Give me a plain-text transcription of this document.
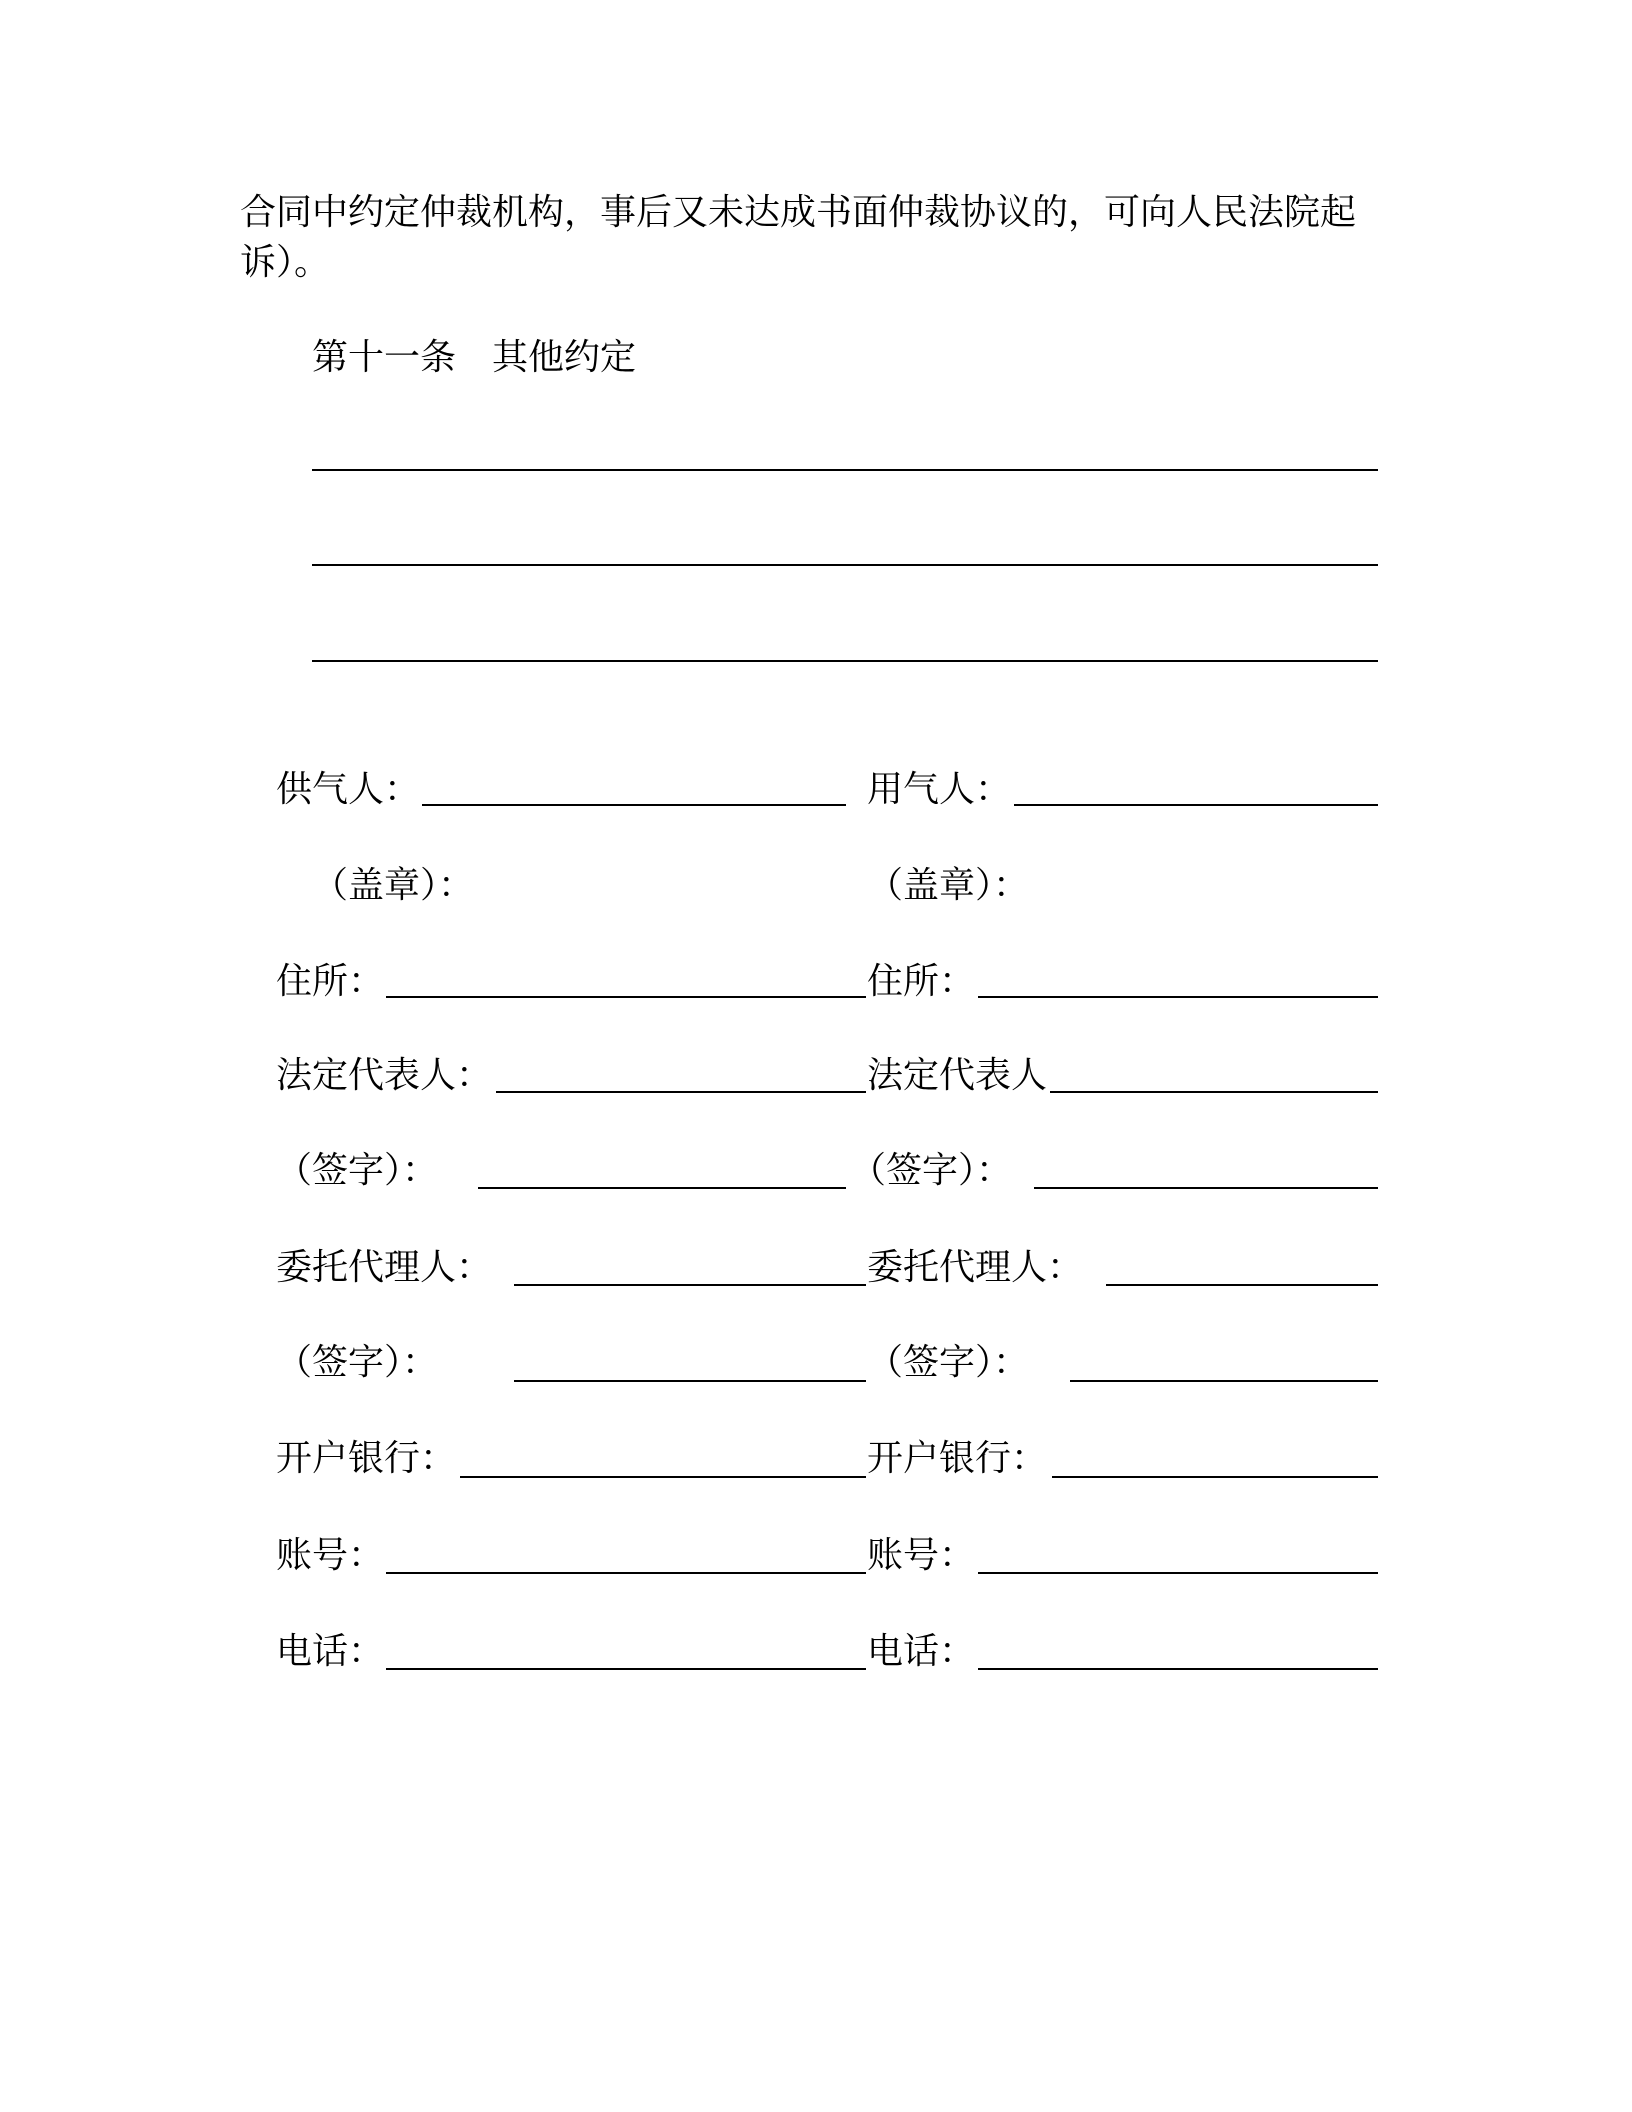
合同中约定仲裁机构，事后又未达成书面仲裁协议的，可向人民法院起
诉）。
第十一条　其他约定
供气人：	用气人：
（盖章）：	（盖章）：
住所：	住所：
法定代表人：	法定代表人
（签字）：	（签字）：
委托代理人：	委托代理人：
（签字）：	（签字）：
开户银行：	开户银行：
账号：	账号：
电话：	电话：
